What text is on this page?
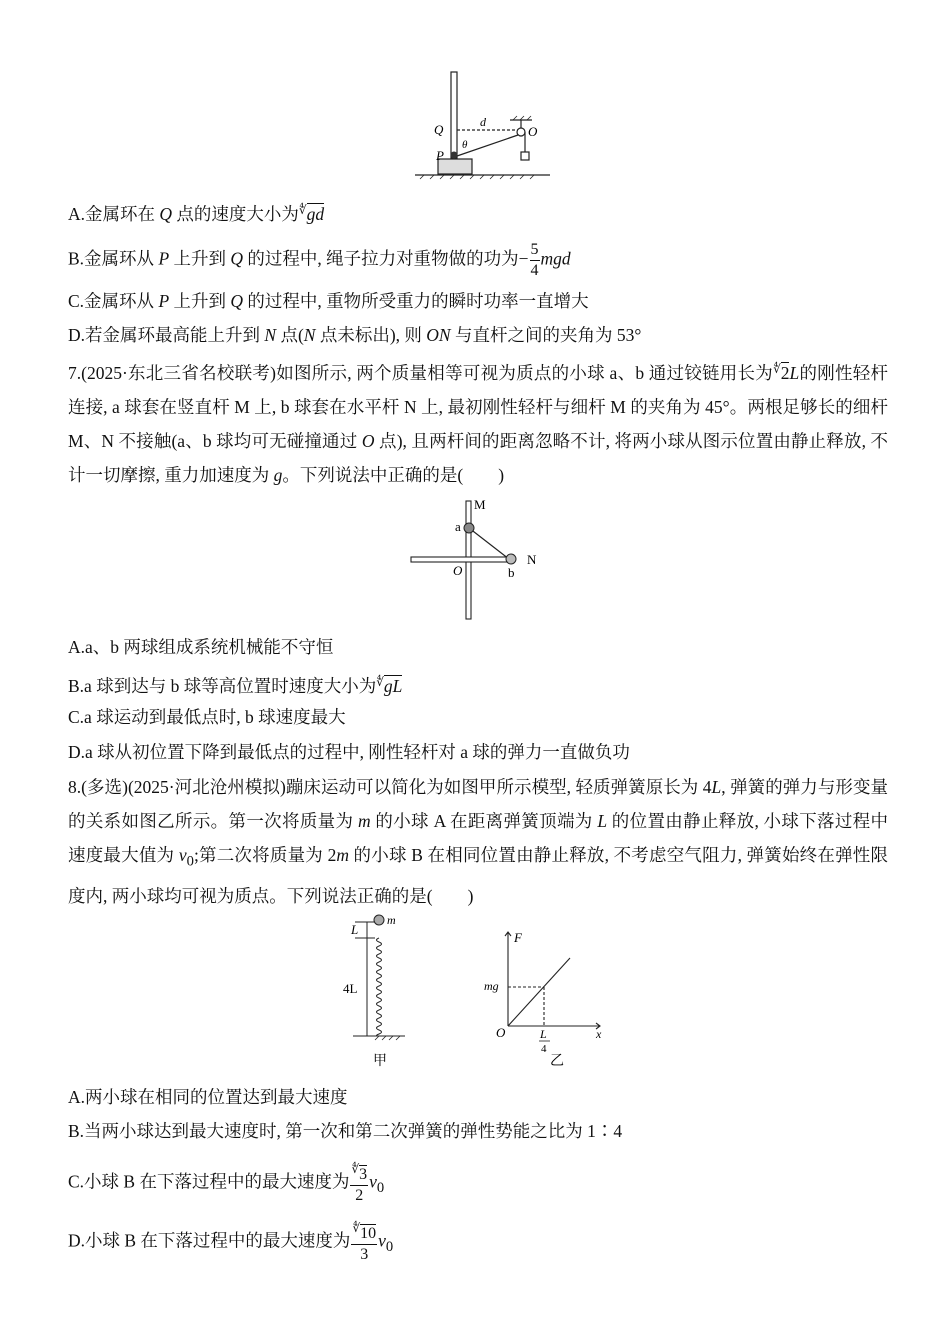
Q
P
d
O
θ
A.金属环在 Q 点的速度大小为∜gd
B.金属环从 P 上升到 Q 的过程中, 绳子拉力对重物做的功为− $\frac{5}{4}$ mgd
C.金属环从 P 上升到 Q 的过程中, 重物所受重力的瞬时功率一直增大
D.若金属环最高能上升到 N 点(N 点未标出), 则 ON 与直杆之间的夹角为 53°
7.(2025·东北三省名校联考)如图所示, 两个质量相等可视为质点的小球 a、b 通过铰链用长为∜2L的刚性轻杆连接, a 球套在竖直杆 M 上, b 球套在水平杆 N 上, 最初刚性轻杆与细杆 M 的夹角为 45°。两根足够长的细杆 M、N 不接触(a、b 球均可无碰撞通过 O 点), 且两杆间的距离忽略不计, 将两小球从图示位置由静止释放, 不计一切摩擦, 重力加速度为 g。下列说法中正确的是(　　)
M
N
a
b
O
A.a、b 两球组成系统机械能不守恒
B.a 球到达与 b 球等高位置时速度大小为∜gL
C.a 球运动到最低点时, b 球速度最大
D.a 球从初位置下降到最低点的过程中, 刚性轻杆对 a 球的弹力一直做负功
8.(多选)(2025·河北沧州模拟)蹦床运动可以简化为如图甲所示模型, 轻质弹簧原长为 4L, 弹簧的弹力与形变量的关系如图乙所示。第一次将质量为 m 的小球 A 在距离弹簧顶端为 L 的位置由静止释放, 小球下落过程中速度最大值为 $v_0$;第二次将质量为 2m 的小球 B 在相同位置由静止释放, 不考虑空气阻力, 弹簧始终在弹性限度内, 两小球均可视为质点。下列说法正确的是(　　)
m
L
4L
甲
F
mg
O	x
L
4
乙
A.两小球在相同的位置达到最大速度
B.当两小球达到最大速度时, 第一次和第二次弹簧的弹性势能之比为 1∶4
C.小球 B 在下落过程中的最大速度为 $\frac{^∜3}{2} v_0$
D.小球 B 在下落过程中的最大速度为 $\frac{^∜10}{3} v_0$
